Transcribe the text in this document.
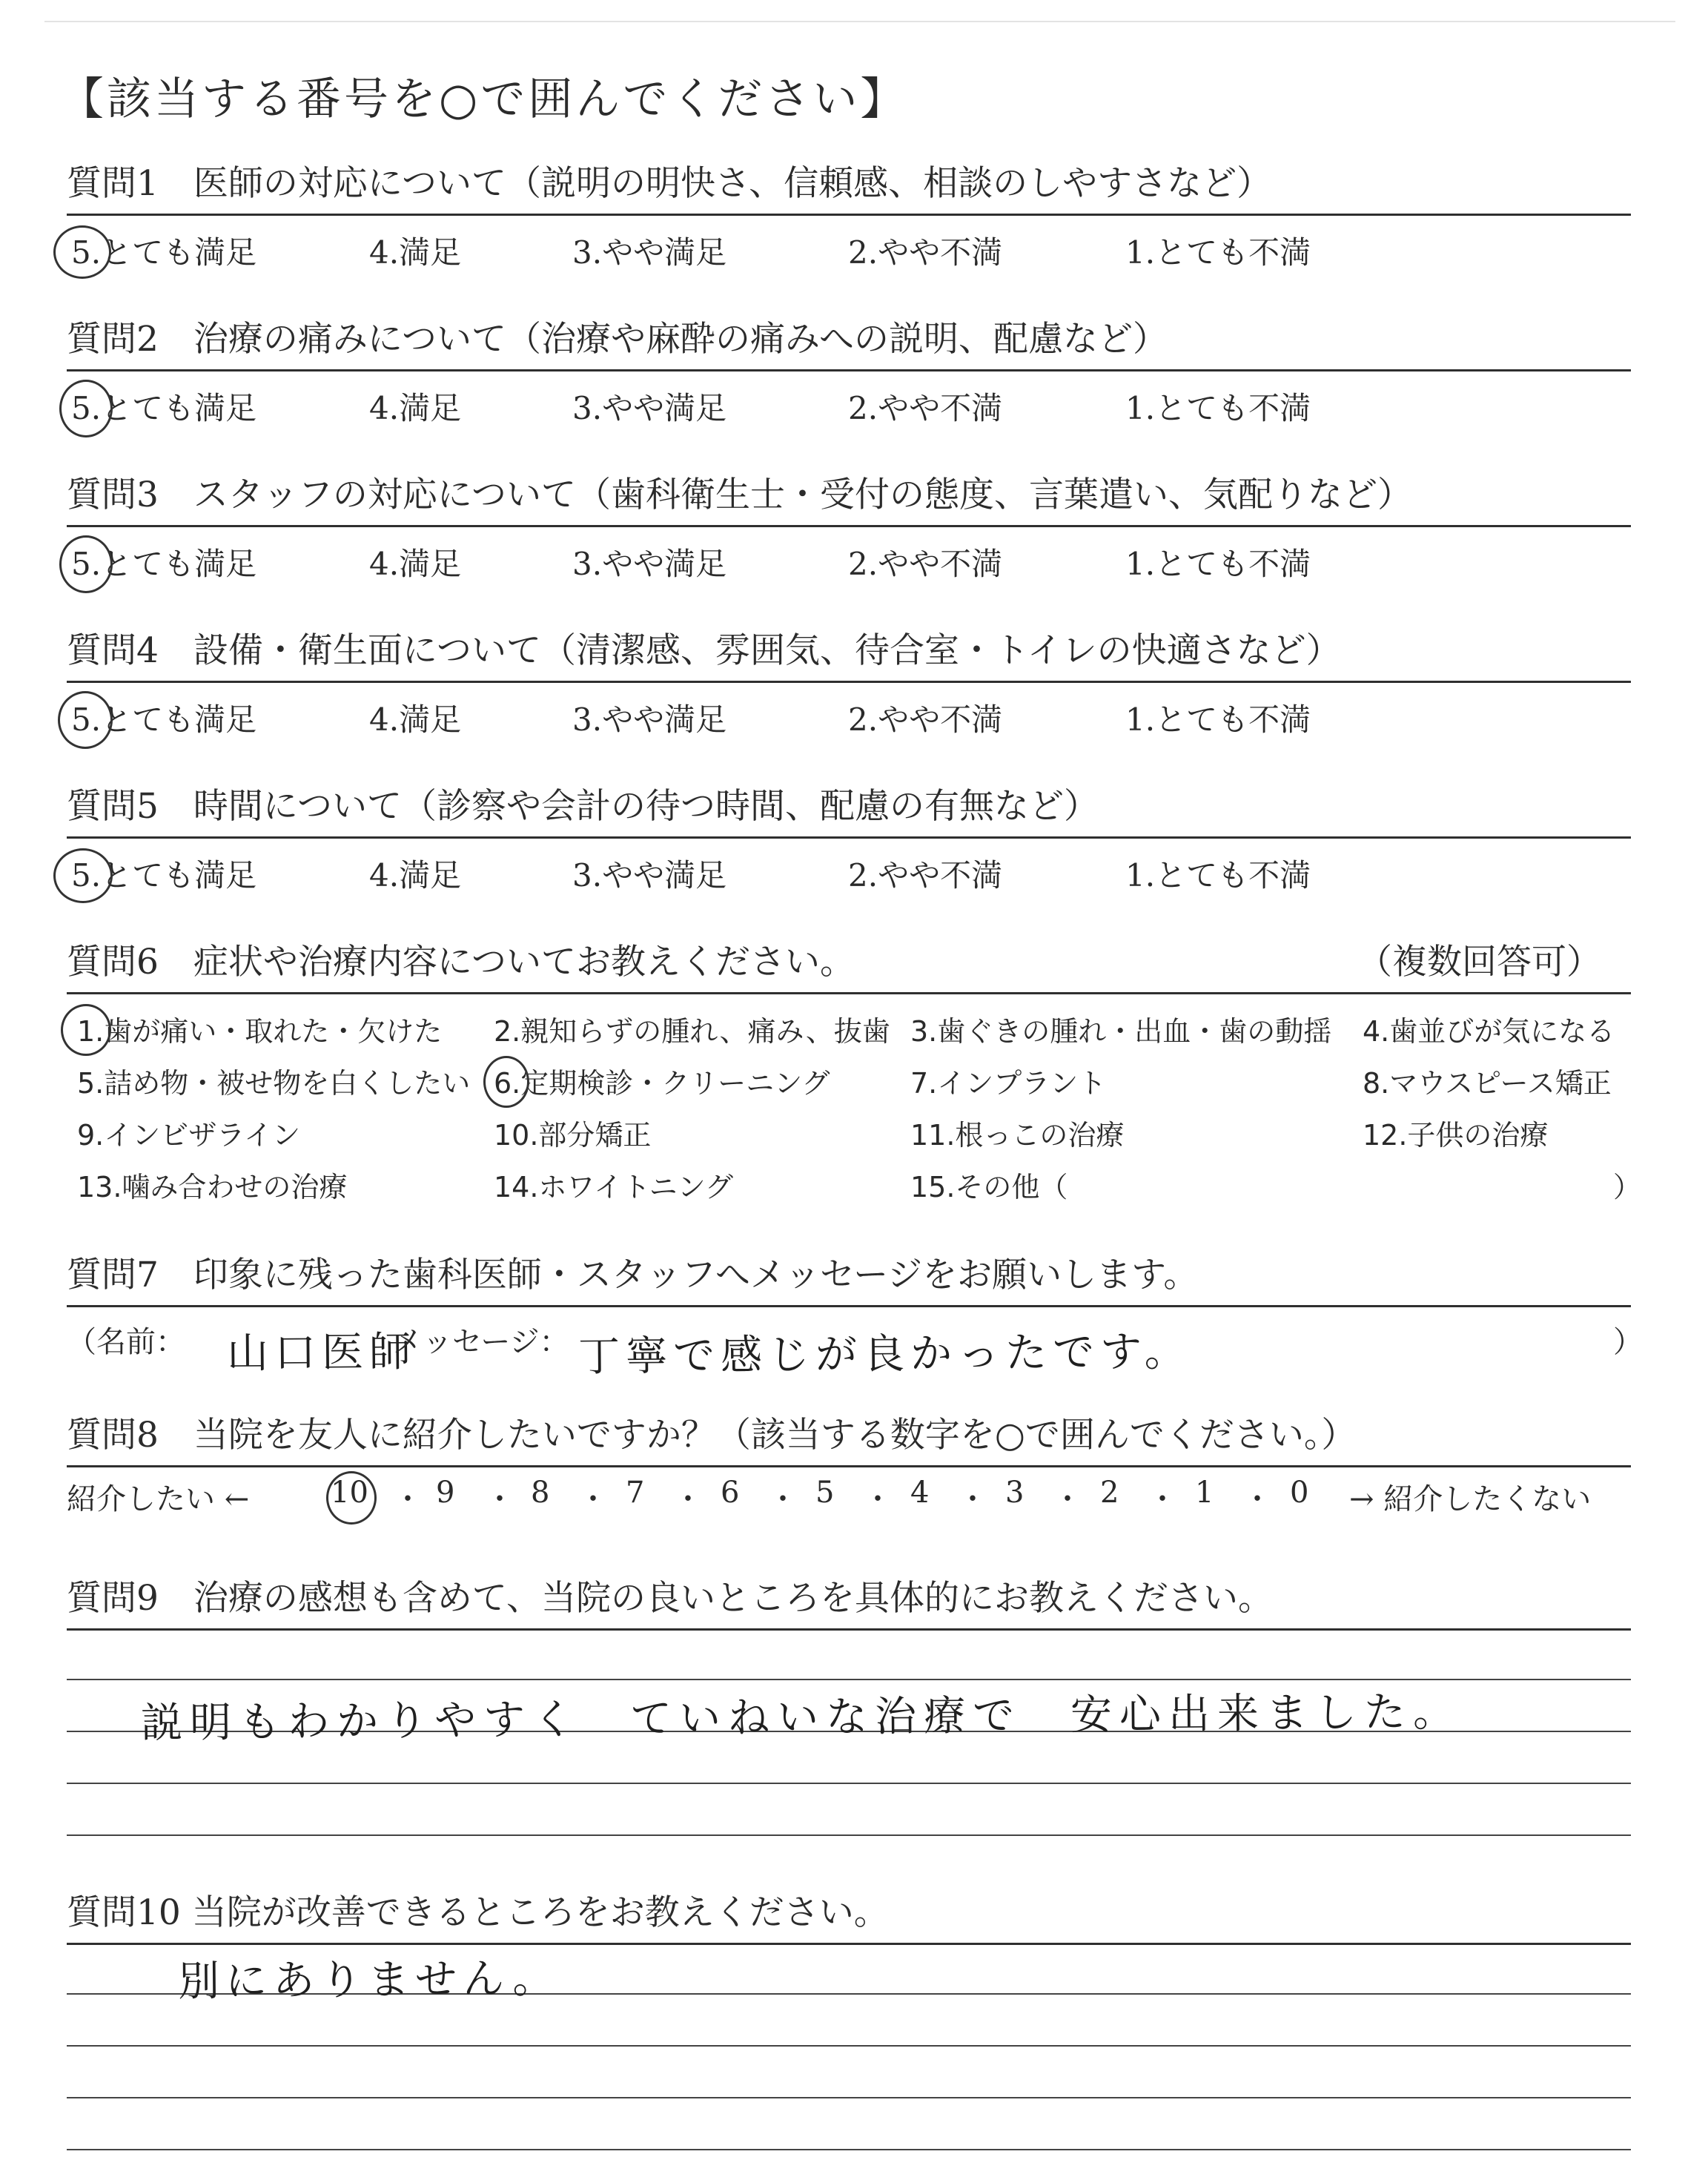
【該当する番号を○で囲んでください】
質問1　医師の対応について（説明の明快さ、信頼感、相談のしやすさなど）
5.とても満足	4.満足	3.やや満足	2.やや不満	1.とても不満
質問2　治療の痛みについて（治療や麻酔の痛みへの説明、配慮など）
5.とても満足	4.満足	3.やや満足	2.やや不満	1.とても不満
質問3　スタッフの対応について（歯科衛生士・受付の態度、言葉遣い、気配りなど）
5.とても満足	4.満足	3.やや満足	2.やや不満	1.とても不満
質問4　設備・衛生面について（清潔感、雰囲気、待合室・トイレの快適さなど）
5.とても満足	4.満足	3.やや満足	2.やや不満	1.とても不満
質問5　時間について（診察や会計の待つ時間、配慮の有無など）
5.とても満足	4.満足	3.やや満足	2.やや不満	1.とても不満
質問6　症状や治療内容についてお教えください。	（複数回答可）
1.歯が痛い・取れた・欠けた 2.親知らずの腫れ、痛み、抜歯 3.歯ぐきの腫れ・出血・歯の動揺 4.歯並びが気になる
5.詰め物・被せ物を白くしたい 6.定期検診・クリーニング	7.インプラント	8.マウスピース矯正
9.インビザライン	10.部分矯正	11.根っこの治療	12.子供の治療
13.噛み合わせの治療	14.ホワイトニング	15.その他（	）
質問7　印象に残った歯科医師・スタッフへメッセージをお願いします。
（名前： 山口医師
メッセージ： 丁寧で感じが良かったです。	）
質問8　当院を友人に紹介したいですか？（該当する数字を○で囲んでください。）
紹介したい ←	10 ・ 9 ・ 8 ・ 7 ・ 6 ・ 5 ・ 4 ・ 3 ・ 2 ・ 1 ・ 0 → 紹介したくない
質問9　治療の感想も含めて、当院の良いところを具体的にお教えください。
説明もわかりやすく　ていねいな治療で　安心出来ました。
質問10 当院が改善できるところをお教えください。
別にありません。
